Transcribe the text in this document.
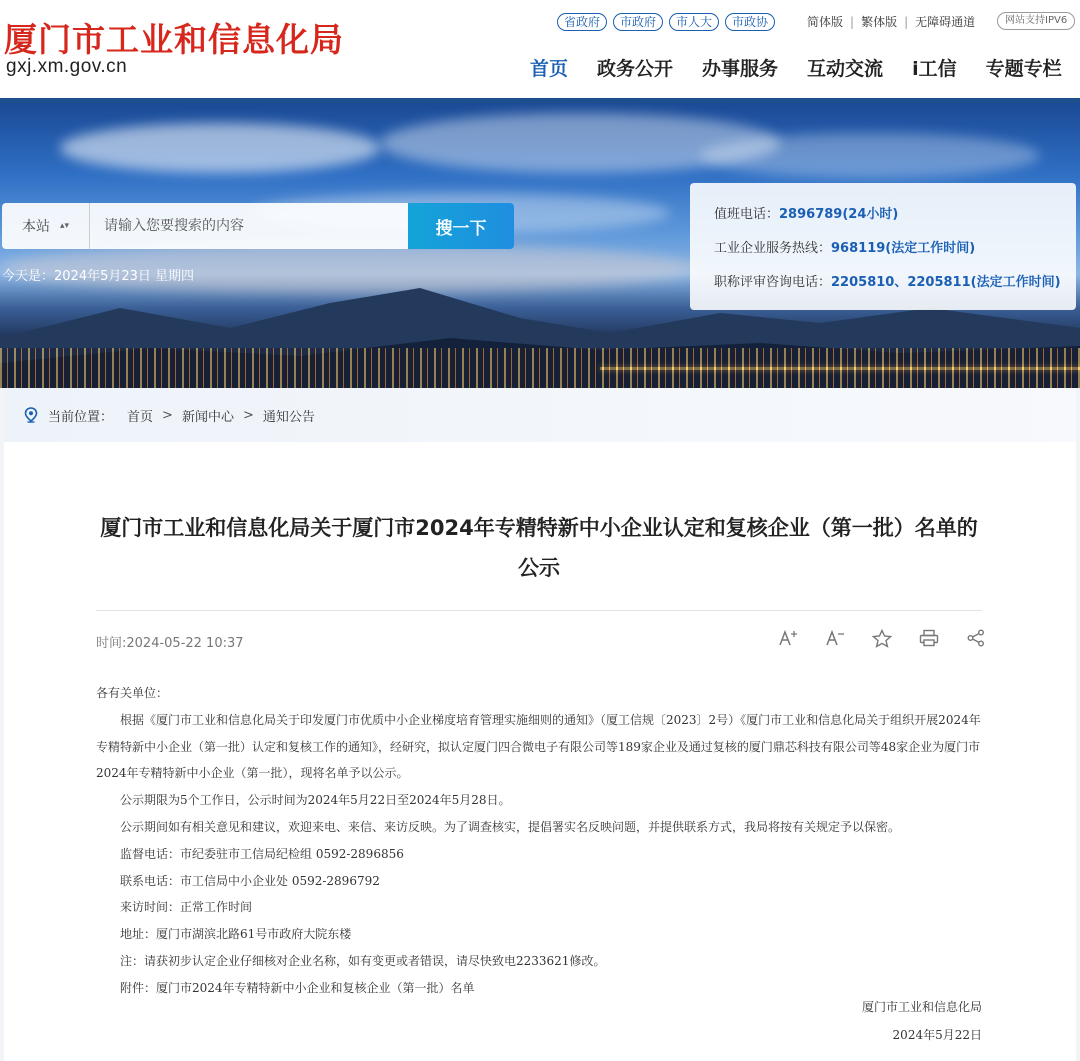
厦门市工业和信息化局
gxj.xm.gov.cn
省政府	市政府	市人大	市政协	简体版 | 繁体版 | 无障碍通道	网站支持IPV6
首页 政务公开 办事服务 互动交流 i工信 专题专栏
本站 ▴▾
请输入您要搜索的内容	搜一下
今天是：2024年5月23日 星期四
值班电话：2896789(24小时)
工业企业服务热线：968119(法定工作时间)
职称评审咨询电话：2205810、2205811(法定工作时间)
当前位置： 首页 > 新闻中心 > 通知公告
厦门市工业和信息化局关于厦门市2024年专精特新中小企业认定和复核企业（第一批）名单的公示
时间:2024-05-22 10:37

各有关单位：

根据《厦门市工业和信息化局关于印发厦门市优质中小企业梯度培育管理实施细则的通知》（厦工信规〔2023〕2号）《厦门市工业和信息化局关于组织开展2024年专精特新中小企业（第一批）认定和复核工作的通知》，经研究，拟认定厦门四合微电子有限公司等189家企业及通过复核的厦门鼎芯科技有限公司等48家企业为厦门市2024年专精特新中小企业（第一批），现将名单予以公示。

公示期限为5个工作日，公示时间为2024年5月22日至2024年5月28日。

公示期间如有相关意见和建议，欢迎来电、来信、来访反映。为了调查核实，提倡署实名反映问题，并提供联系方式，我局将按有关规定予以保密。

监督电话：市纪委驻市工信局纪检组 0592-2896856

联系电话：市工信局中小企业处 0592-2896792

来访时间：正常工作时间

地址：厦门市湖滨北路61号市政府大院东楼

注：请获初步认定企业仔细核对企业名称，如有变更或者错误，请尽快致电2233621修改。

附件：厦门市2024年专精特新中小企业和复核企业（第一批）名单

厦门市工业和信息化局
2024年5月22日
